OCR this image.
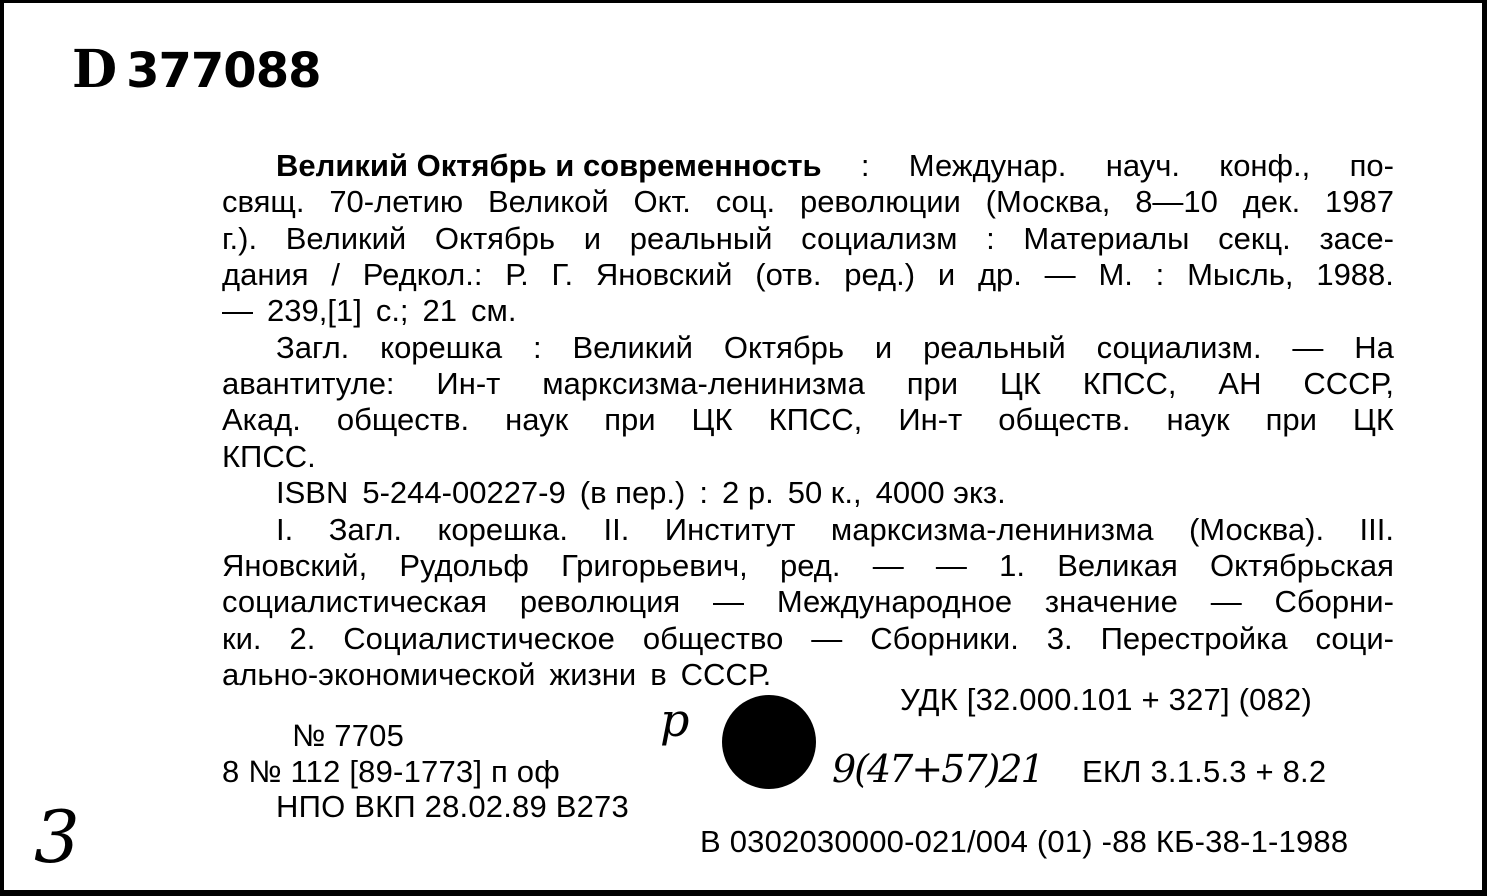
D 377088
Великий Октябрь и современность : Междунар. науч. конф., по-
свящ. 70-летию Великой Окт. соц. революции (Москва, 8—10 дек. 1987
г.). Великий Октябрь и реальный социализм : Материалы секц. засе-
дания / Редкол.: Р. Г. Яновский (отв. ред.) и др. — М. : Мысль, 1988.
— 239,[1] с.; 21 см.
Загл. корешка : Великий Октябрь и реальный социализм. — На
авантитуле: Ин-т марксизма-ленинизма при ЦК КПСС, АН СССР,
Акад. обществ. наук при ЦК КПСС, Ин-т обществ. наук при ЦК
КПСС.
ISBN 5-244-00227-9 (в пер.) : 2 р. 50 к., 4000 экз.
I. Загл. корешка. II. Институт марксизма-ленинизма (Москва). III.
Яновский, Рудольф Григорьевич, ред. — — 1. Великая Октябрьская
социалистическая революция — Международное значение — Сборни-
ки. 2. Социалистическое общество — Сборники. 3. Перестройка соци-
ально-экономической жизни в СССР.
УДК [32.000.101 + 327] (082)
№ 7705
8 № 112 [89-1773] п оф
НПО ВКП 28.02.89 В273
ЕКЛ 3.1.5.3 + 8.2
В 0302030000-021/004 (01) -88 КБ-38-1-1988
р
9(47+57)21
3
